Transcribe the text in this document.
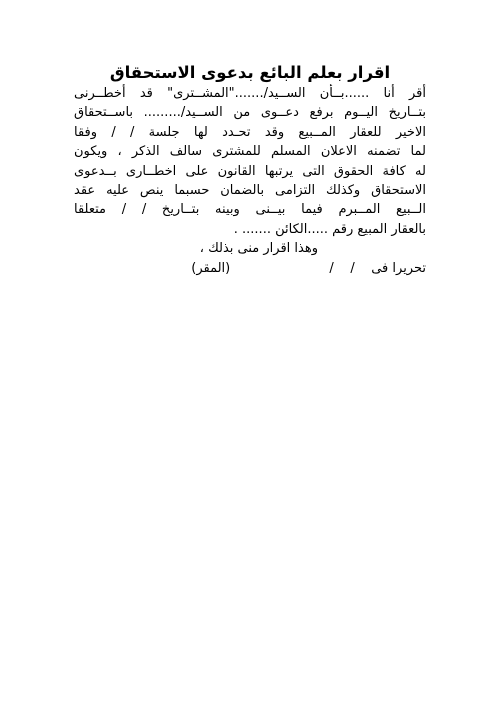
اقرار بعلم البائع بدعوى الاستحقاق
أقر أنا ......بــأن الســيد/......."المشــترى" قد أخطــرنى
بتــاريخ اليــوم برفع دعــوى من الســيد/......... باســتحقاق
الاخير للعقار المــبيع وقد تحـدد لها جلسة / / وفقا
لما تضمنه الاعلان المسلم للمشترى سالف الذكر ، ويكون
له كافة الحقوق التى يرتبها القانون على اخطــارى بــدعوى
الاستحقاق وكذلك التزامى بالضمان حسبما ينص عليه عقد
الــبيع المــبرم فيما بيــنى وبينه بتــاريخ / / متعلقا
بالعقار المبيع رقم .....الكائن ....... .
وهذا اقرار منى بذلك ،
تحريرا فى    /    /                        (المقر)
